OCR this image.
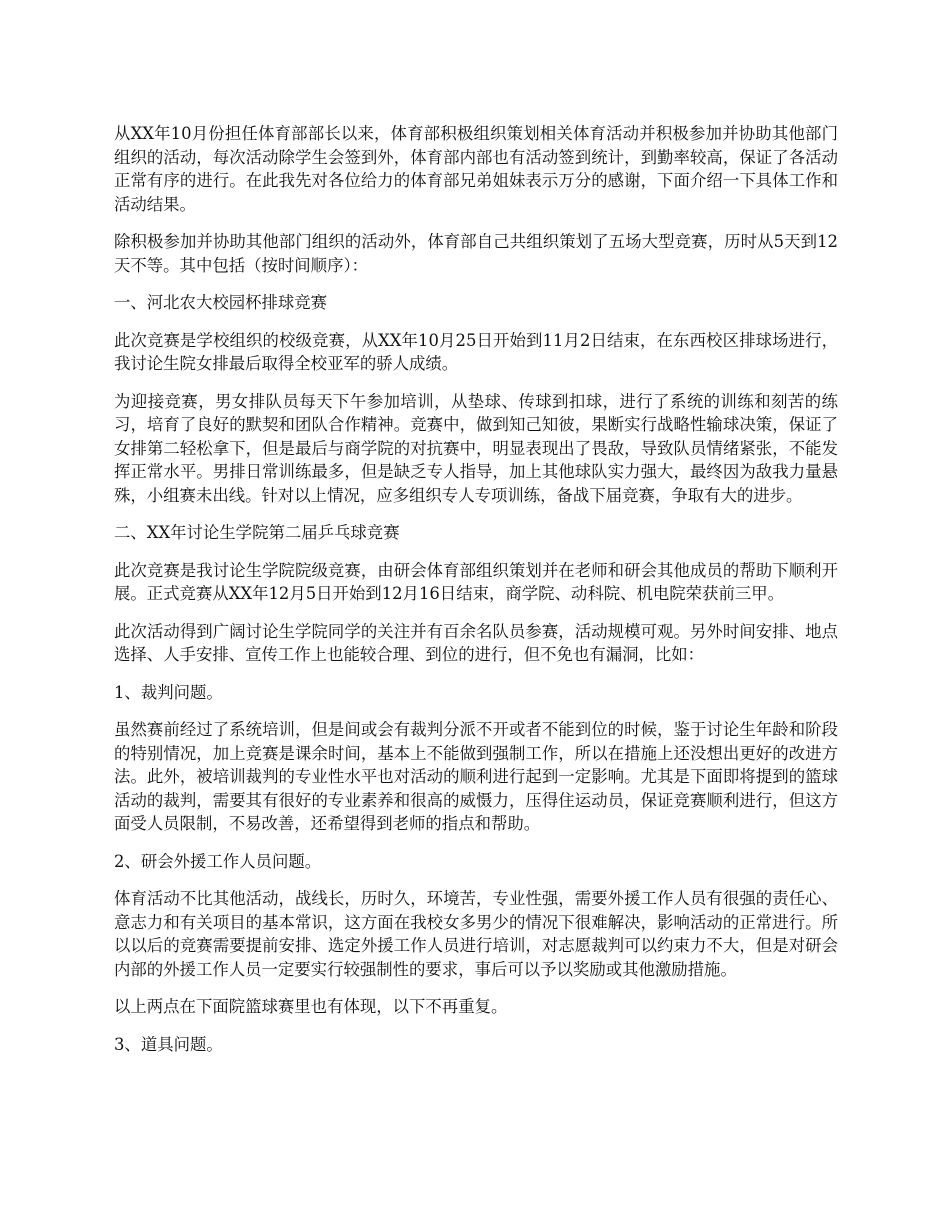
从XX年10月份担任体育部部长以来，体育部积极组织策划相关体育活动并积极参加并协助其他部门组织的活动，每次活动除学生会签到外，体育部内部也有活动签到统计，到勤率较高，保证了各活动正常有序的进行。在此我先对各位给力的体育部兄弟姐妹表示万分的感谢，下面介绍一下具体工作和活动结果。

除积极参加并协助其他部门组织的活动外，体育部自己共组织策划了五场大型竞赛，历时从5天到12天不等。其中包括（按时间顺序）：

一、河北农大校园杯排球竞赛

此次竞赛是学校组织的校级竞赛，从XX年10月25日开始到11月2日结束，在东西校区排球场进行，我讨论生院女排最后取得全校亚军的骄人成绩。

为迎接竞赛，男女排队员每天下午参加培训，从垫球、传球到扣球，进行了系统的训练和刻苦的练习，培育了良好的默契和团队合作精神。竞赛中，做到知己知彼，果断实行战略性输球决策，保证了女排第二轻松拿下，但是最后与商学院的对抗赛中，明显表现出了畏敌，导致队员情绪紧张，不能发挥正常水平。男排日常训练最多，但是缺乏专人指导，加上其他球队实力强大，最终因为敌我力量悬殊，小组赛未出线。针对以上情况，应多组织专人专项训练，备战下届竞赛，争取有大的进步。

二、XX年讨论生学院第二届乒乓球竞赛

此次竞赛是我讨论生学院院级竞赛，由研会体育部组织策划并在老师和研会其他成员的帮助下顺利开展。正式竞赛从XX年12月5日开始到12月16日结束，商学院、动科院、机电院荣获前三甲。

此次活动得到广阔讨论生学院同学的关注并有百余名队员参赛，活动规模可观。另外时间安排、地点选择、人手安排、宣传工作上也能较合理、到位的进行，但不免也有漏洞，比如：

1、裁判问题。

虽然赛前经过了系统培训，但是间或会有裁判分派不开或者不能到位的时候，鉴于讨论生年龄和阶段的特别情况，加上竞赛是课余时间，基本上不能做到强制工作，所以在措施上还没想出更好的改进方法。此外，被培训裁判的专业性水平也对活动的顺利进行起到一定影响。尤其是下面即将提到的篮球活动的裁判，需要其有很好的专业素养和很高的威慑力，压得住运动员，保证竞赛顺利进行，但这方面受人员限制，不易改善，还希望得到老师的指点和帮助。

2、研会外援工作人员问题。

体育活动不比其他活动，战线长，历时久，环境苦，专业性强，需要外援工作人员有很强的责任心、意志力和有关项目的基本常识，这方面在我校女多男少的情况下很难解决，影响活动的正常进行。所以以后的竞赛需要提前安排、选定外援工作人员进行培训，对志愿裁判可以约束力不大，但是对研会内部的外援工作人员一定要实行较强制性的要求，事后可以予以奖励或其他激励措施。

以上两点在下面院篮球赛里也有体现，以下不再重复。

3、道具问题。
